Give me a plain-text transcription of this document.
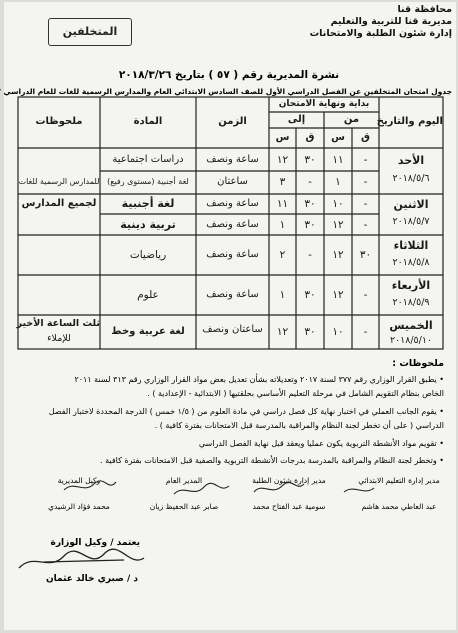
محافظة قنا
مديرية قنا للتربية والتعليم
إدارة شئون الطلبة والامتحانات
المتخلفين
نشرة المديرية رقم ( ٥٧ ) بتاريخ ٢٠١٨/٣/٢٦
جدول امتحان المتخلفين عن الفصل الدراسي الأول للصف السادس الابتدائي العام والمدارس الرسمية للغات للعام الدراسي
اليوم والتاريخ
بداية ونهاية الامتحان
من
إلى
ق
س
ق
س
الزمن
المادة
ملحوظات
الأحد
٢٠١٨/٥/٦
الاثنين
٢٠١٨/٥/٧
الثلاثاء
٢٠١٨/٥/٨
الأربعاء
٢٠١٨/٥/٩
الخميس
٢٠١٨/٥/١٠
-
١١
٣٠
١٢
ساعة ونصف
دراسات اجتماعية
-
١
-
٣
ساعتان
لغة أجنبية (مستوى رفيع)
للمدارس الرسمية للغات
-
١٠
٣٠
١١
ساعة ونصف
لغة أجنبية
لجميع المدارس
-
١٢
٣٠
١
ساعة ونصف
تربية دينية
٣٠
١٢
-
٢
ساعة ونصف
رياضيات
-
١٢
٣٠
١
ساعة ونصف
علوم
-
١٠
٣٠
١٢
ساعتان ونصف
لغة عربية وخط
ثلث الساعة الأخير
للإملاء
ملحوظات :
• يطبق القرار الوزاري رقم ٣٧٧ لسنة ٢٠١٧ وتعديلاته بشأن تعديل بعض مواد القرار الوزاري رقم ٣١٣ لسنة ٢٠١١
الخاص بنظام التقويم الشامل في مرحلة التعليم الأساسي بحلقتيها ( الابتدائية - الإعدادية ) .
• يقوم الجانب العملي في اختبار نهاية كل فصل دراسي في مادة العلوم من ( ١/٥ خمس ) الدرجة المحددة لاختبار الفصل
الدراسي ( على أن تخطر لجنة النظام والمراقبة بالمدرسة قبل الامتحانات بفترة كافية ) .
• تقويم مواد الأنشطة التربوية يكون عمليا ويعقد قبل نهاية الفصل الدراسي
• وتخطر لجنة النظام والمراقبة بالمدرسة بدرجات الأنشطة التربوية والصفية قبل الامتحانات بفترة كافية .
مدير إدارة التعليم الابتدائي
عبد العاطي محمد هاشم
مدير إدارة شئون الطلبة
سومية عبد الفتاح محمد
المدير العام
صابر عبد الحفيظ زيان
وكيل المديرية
محمد فؤاد الرشيدي
يعتمد / وكيل الوزارة
د / صبري خالد عثمان
